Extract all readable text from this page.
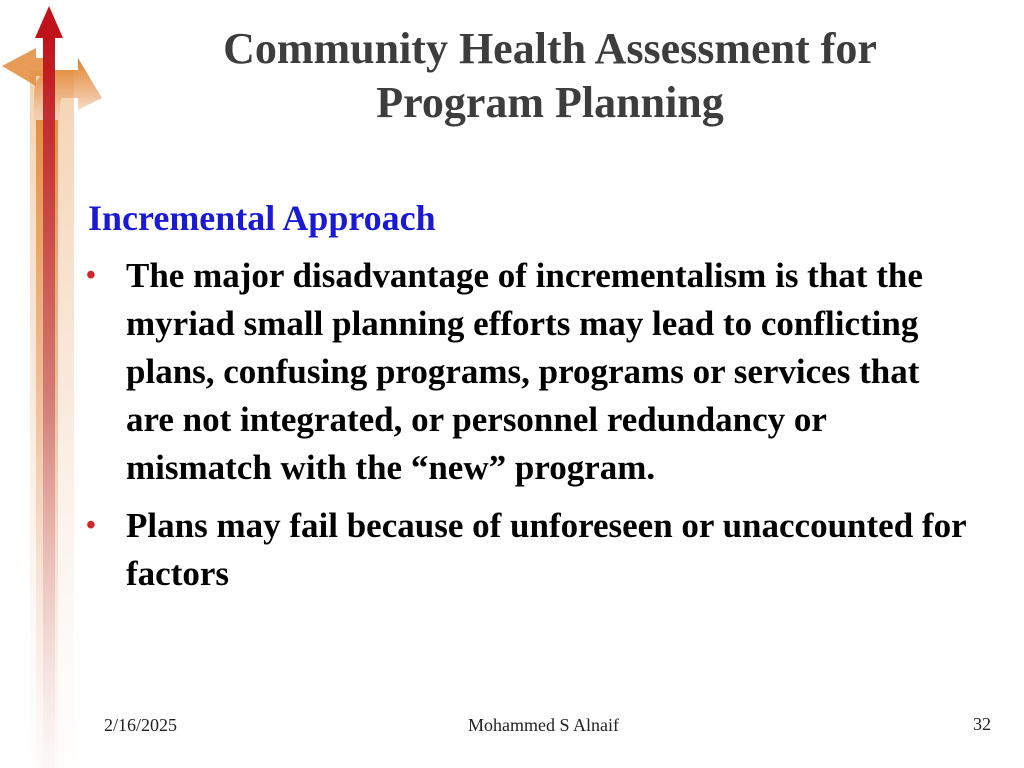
Community Health Assessment for
Program Planning
Incremental Approach
• The major disadvantage of incrementalism is that the myriad small planning efforts may lead to conflicting plans, confusing programs, programs or services that are not integrated, or personnel redundancy or mismatch with the “new” program.
• Plans may fail because of unforeseen or unaccounted for factors
2/16/2025	Mohammed S Alnaif	32
